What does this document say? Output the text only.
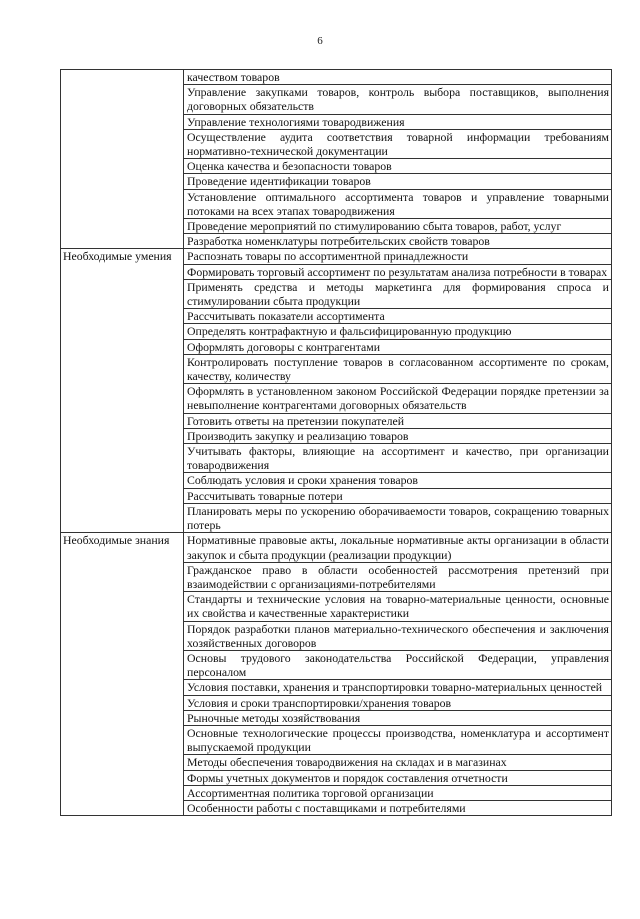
6
	качеством товаров
	Управление закупками товаров, контроль выбора поставщиков, выполнения договорных обязательств
	Управление технологиями товародвижения
	Осуществление аудита соответствия товарной информации требованиям нормативно-технической документации
	Оценка качества и безопасности товаров
	Проведение идентификации товаров
	Установление оптимального ассортимента товаров и управление товарными потоками на всех этапах товародвижения
	Проведение мероприятий по стимулированию сбыта товаров, работ, услуг
	Разработка номенклатуры потребительских свойств товаров

Необходимые умения	Распознать товары по ассортиментной принадлежности
	Формировать торговый ассортимент по результатам анализа потребности в товарах
	Применять средства и методы маркетинга для формирования спроса и стимулировании сбыта продукции
	Рассчитывать показатели ассортимента
	Определять контрафактную и фальсифицированную продукцию
	Оформлять договоры с контрагентами
	Контролировать поступление товаров в согласованном ассортименте по срокам, качеству, количеству
	Оформлять в установленном законом Российской Федерации порядке претензии за невыполнение контрагентами договорных обязательств
	Готовить ответы на претензии покупателей
	Производить закупку и реализацию товаров
	Учитывать факторы, влияющие на ассортимент и качество, при организации товародвижения
	Соблюдать условия и сроки хранения товаров
	Рассчитывать товарные потери
	Планировать меры по ускорению оборачиваемости товаров, сокращению товарных потерь

Необходимые знания	Нормативные правовые акты, локальные нормативные акты организации в области закупок и сбыта продукции (реализации продукции)
	Гражданское право в области особенностей рассмотрения претензий при взаимодействии с организациями-потребителями
	Стандарты и технические условия на товарно-материальные ценности, основные их свойства и качественные характеристики
	Порядок разработки планов материально-технического обеспечения и заключения хозяйственных договоров
	Основы трудового законодательства Российской Федерации, управления персоналом
	Условия поставки, хранения и транспортировки товарно-материальных ценностей
	Условия и сроки транспортировки/хранения товаров
	Рыночные методы хозяйствования
	Основные технологические процессы производства, номенклатура и ассортимент выпускаемой продукции
	Методы обеспечения товародвижения на складах и в магазинах
	Формы учетных документов и порядок составления отчетности
	Ассортиментная политика торговой организации
	Особенности работы с поставщиками и потребителями
